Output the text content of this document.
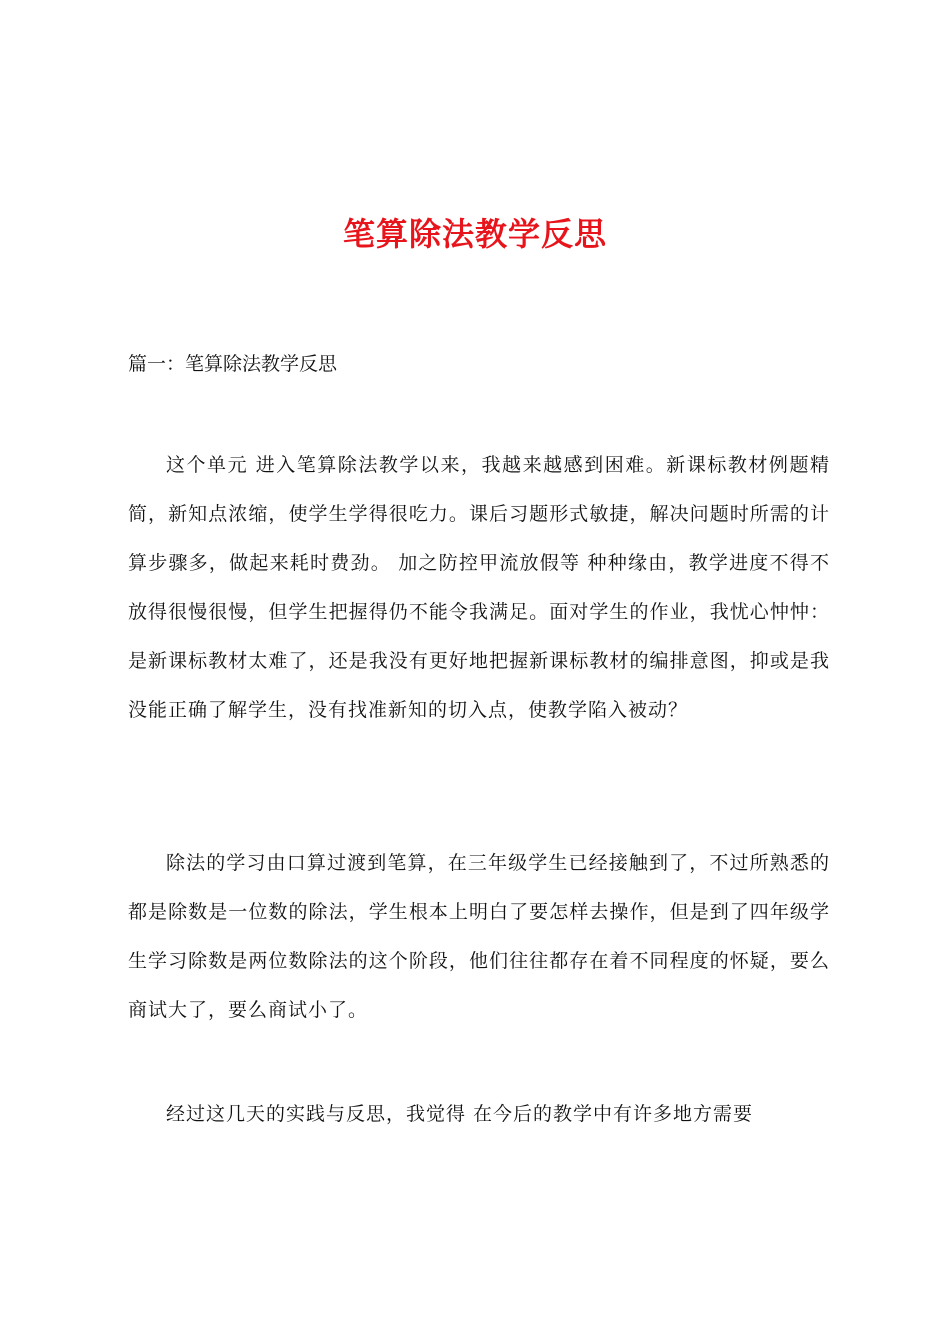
笔算除法教学反思
篇一：笔算除法教学反思

这个单元 进入笔算除法教学以来，我越来越感到困难。新课标教材例题精简，新知点浓缩，使学生学得很吃力。课后习题形式敏捷，解决问题时所需的计算步骤多，做起来耗时费劲。 加之防控甲流放假等 种种缘由，教学进度不得不放得很慢很慢，但学生把握得仍不能令我满足。面对学生的作业，我忧心忡忡：是新课标教材太难了，还是我没有更好地把握新课标教材的编排意图，抑或是我没能正确了解学生，没有找准新知的切入点，使教学陷入被动？

除法的学习由口算过渡到笔算，在三年级学生已经接触到了，不过所熟悉的都是除数是一位数的除法，学生根本上明白了要怎样去操作，但是到了四年级学生学习除数是两位数除法的这个阶段，他们往往都存在着不同程度的怀疑，要么商试大了，要么商试小了。

经过这几天的实践与反思，我觉得 在今后的教学中有许多地方需要
